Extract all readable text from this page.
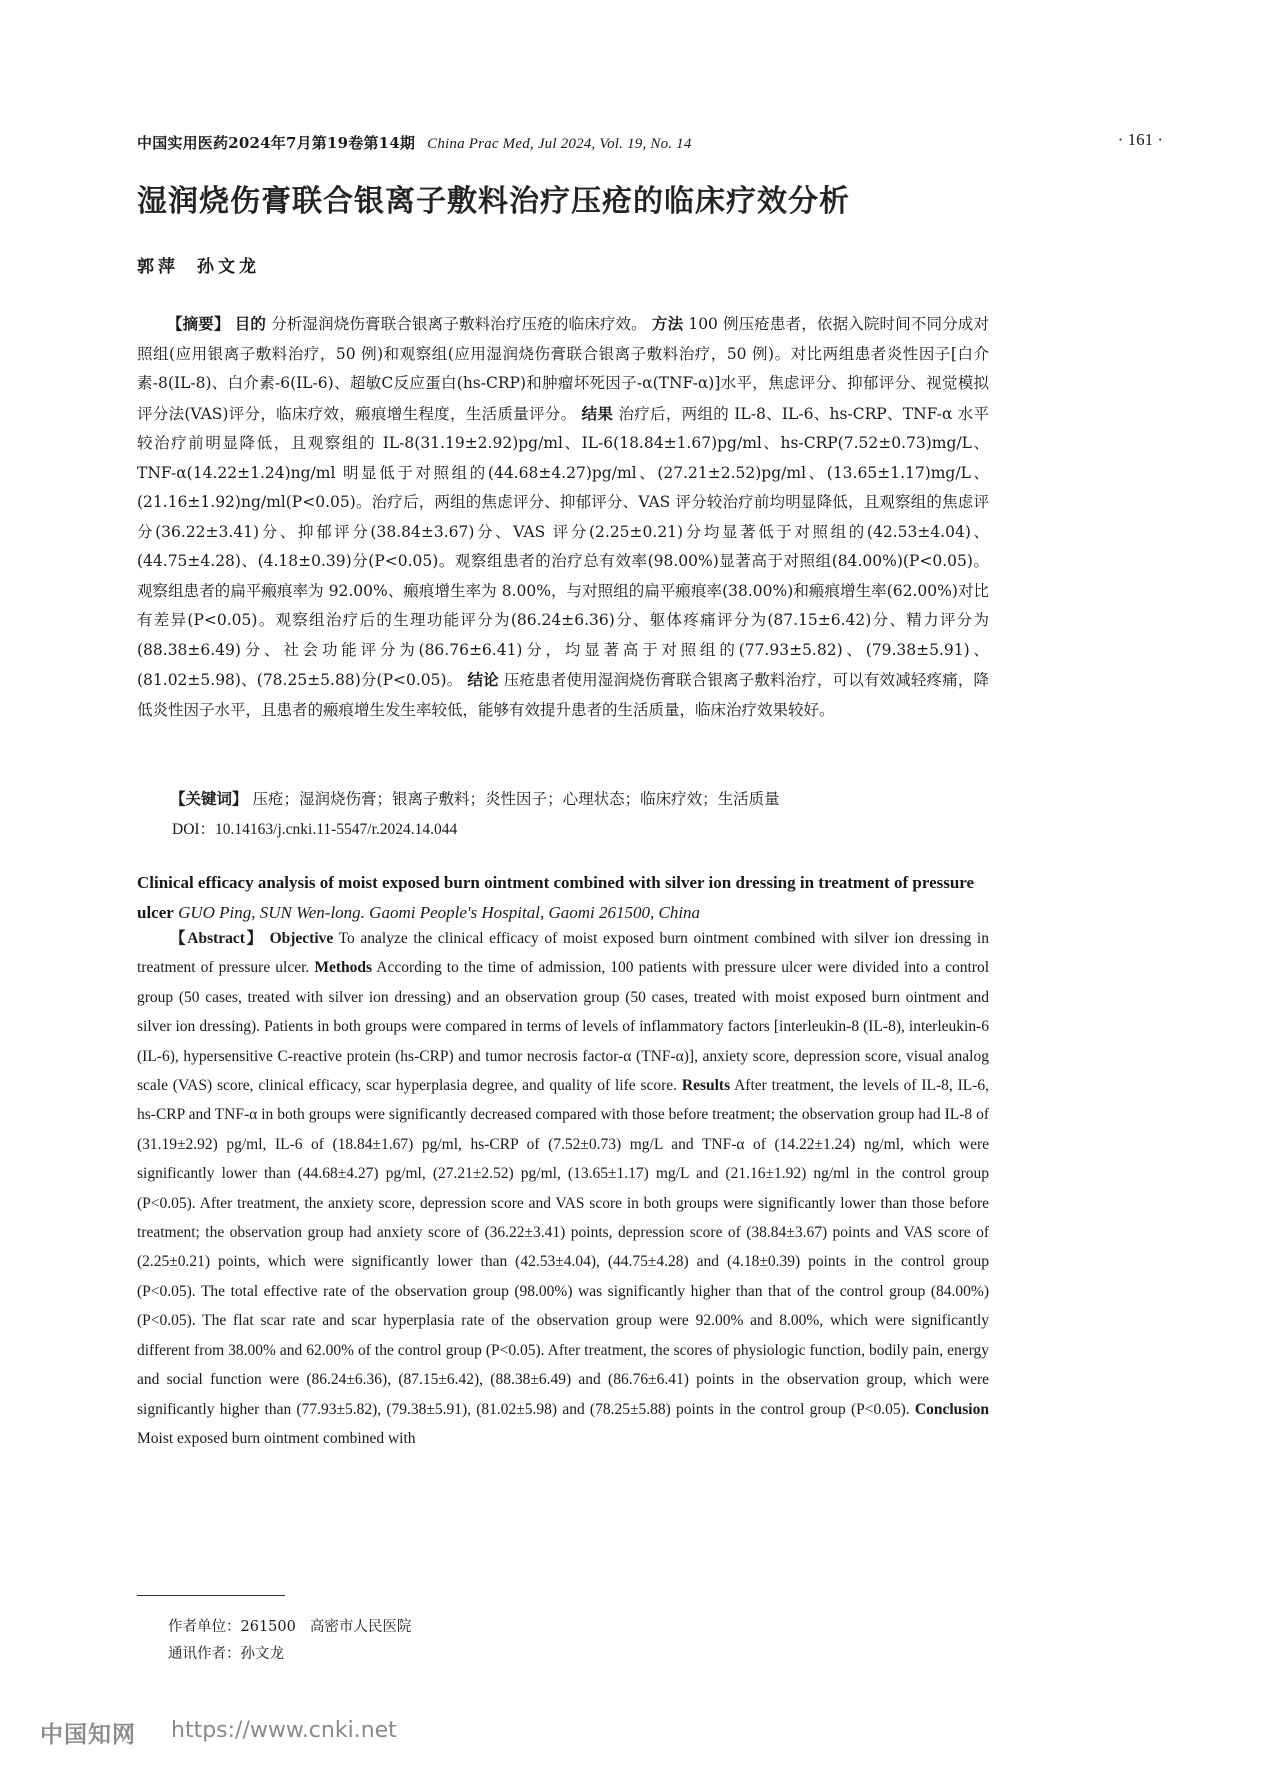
中国实用医药2024年7月第19卷第14期 China Prac Med, Jul 2024, Vol. 19, No. 14	· 161 ·
湿润烧伤膏联合银离子敷料治疗压疮的临床疗效分析
郭萍 孙文龙
【摘要】 目的 分析湿润烧伤膏联合银离子敷料治疗压疮的临床疗效。 方法 100 例压疮患者，依据入院时间不同分成对照组(应用银离子敷料治疗，50 例)和观察组(应用湿润烧伤膏联合银离子敷料治疗，50 例)。对比两组患者炎性因子[白介素-8(IL-8)、白介素-6(IL-6)、超敏C反应蛋白(hs-CRP)和肿瘤坏死因子-α(TNF-α)]水平，焦虑评分、抑郁评分、视觉模拟评分法(VAS)评分，临床疗效，瘢痕增生程度，生活质量评分。 结果 治疗后，两组的 IL-8、IL-6、hs-CRP、TNF-α 水平较治疗前明显降低，且观察组的 IL-8(31.19±2.92)pg/ml、IL-6(18.84±1.67)pg/ml、hs-CRP(7.52±0.73)mg/L、TNF-α(14.22±1.24)ng/ml 明显低于对照组的(44.68±4.27)pg/ml、(27.21±2.52)pg/ml、(13.65±1.17)mg/L、(21.16±1.92)ng/ml(P<0.05)。治疗后，两组的焦虑评分、抑郁评分、VAS 评分较治疗前均明显降低，且观察组的焦虑评分(36.22±3.41)分、抑郁评分(38.84±3.67)分、VAS 评分(2.25±0.21)分均显著低于对照组的(42.53±4.04)、(44.75±4.28)、(4.18±0.39)分(P<0.05)。观察组患者的治疗总有效率(98.00%)显著高于对照组(84.00%)(P<0.05)。观察组患者的扁平瘢痕率为 92.00%、瘢痕增生率为 8.00%，与对照组的扁平瘢痕率(38.00%)和瘢痕增生率(62.00%)对比有差异(P<0.05)。观察组治疗后的生理功能评分为(86.24±6.36)分、躯体疼痛评分为(87.15±6.42)分、精力评分为(88.38±6.49)分、社会功能评分为(86.76±6.41)分，均显著高于对照组的(77.93±5.82)、(79.38±5.91)、(81.02±5.98)、(78.25±5.88)分(P<0.05)。 结论 压疮患者使用湿润烧伤膏联合银离子敷料治疗，可以有效减轻疼痛，降低炎性因子水平，且患者的瘢痕增生发生率较低，能够有效提升患者的生活质量，临床治疗效果较好。
【关键词】 压疮 ； 湿润烧伤膏 ； 银离子敷料 ； 炎性因子 ； 心理状态 ； 临床疗效 ； 生活质量
DOI：10.14163/j.cnki.11-5547/r.2024.14.044
Clinical efficacy analysis of moist exposed burn ointment combined with silver ion dressing in treatment of pressure ulcer GUO Ping, SUN Wen-long. Gaomi People's Hospital, Gaomi 261500, China
【Abstract】 Objective To analyze the clinical efficacy of moist exposed burn ointment combined with silver ion dressing in treatment of pressure ulcer. Methods According to the time of admission, 100 patients with pressure ulcer were divided into a control group (50 cases, treated with silver ion dressing) and an observation group (50 cases, treated with moist exposed burn ointment and silver ion dressing). Patients in both groups were compared in terms of levels of inflammatory factors [interleukin-8 (IL-8), interleukin-6 (IL-6), hypersensitive C-reactive protein (hs-CRP) and tumor necrosis factor-α (TNF-α)], anxiety score, depression score, visual analog scale (VAS) score, clinical efficacy, scar hyperplasia degree, and quality of life score. Results After treatment, the levels of IL-8, IL-6, hs-CRP and TNF-α in both groups were significantly decreased compared with those before treatment; the observation group had IL-8 of (31.19±2.92) pg/ml, IL-6 of (18.84±1.67) pg/ml, hs-CRP of (7.52±0.73) mg/L and TNF-α of (14.22±1.24) ng/ml, which were significantly lower than (44.68±4.27) pg/ml, (27.21±2.52) pg/ml, (13.65±1.17) mg/L and (21.16±1.92) ng/ml in the control group (P<0.05). After treatment, the anxiety score, depression score and VAS score in both groups were significantly lower than those before treatment; the observation group had anxiety score of (36.22±3.41) points, depression score of (38.84±3.67) points and VAS score of (2.25±0.21) points, which were significantly lower than (42.53±4.04), (44.75±4.28) and (4.18±0.39) points in the control group (P<0.05). The total effective rate of the observation group (98.00%) was significantly higher than that of the control group (84.00%) (P<0.05). The flat scar rate and scar hyperplasia rate of the observation group were 92.00% and 8.00%, which were significantly different from 38.00% and 62.00% of the control group (P<0.05). After treatment, the scores of physiologic function, bodily pain, energy and social function were (86.24±6.36), (87.15±6.42), (88.38±6.49) and (86.76±6.41) points in the observation group, which were significantly higher than (77.93±5.82), (79.38±5.91), (81.02±5.98) and (78.25±5.88) points in the control group (P<0.05). Conclusion Moist exposed burn ointment combined with
作者单位：261500 高密市人民医院
通讯作者：孙文龙
中国知网 https://www.cnki.net
